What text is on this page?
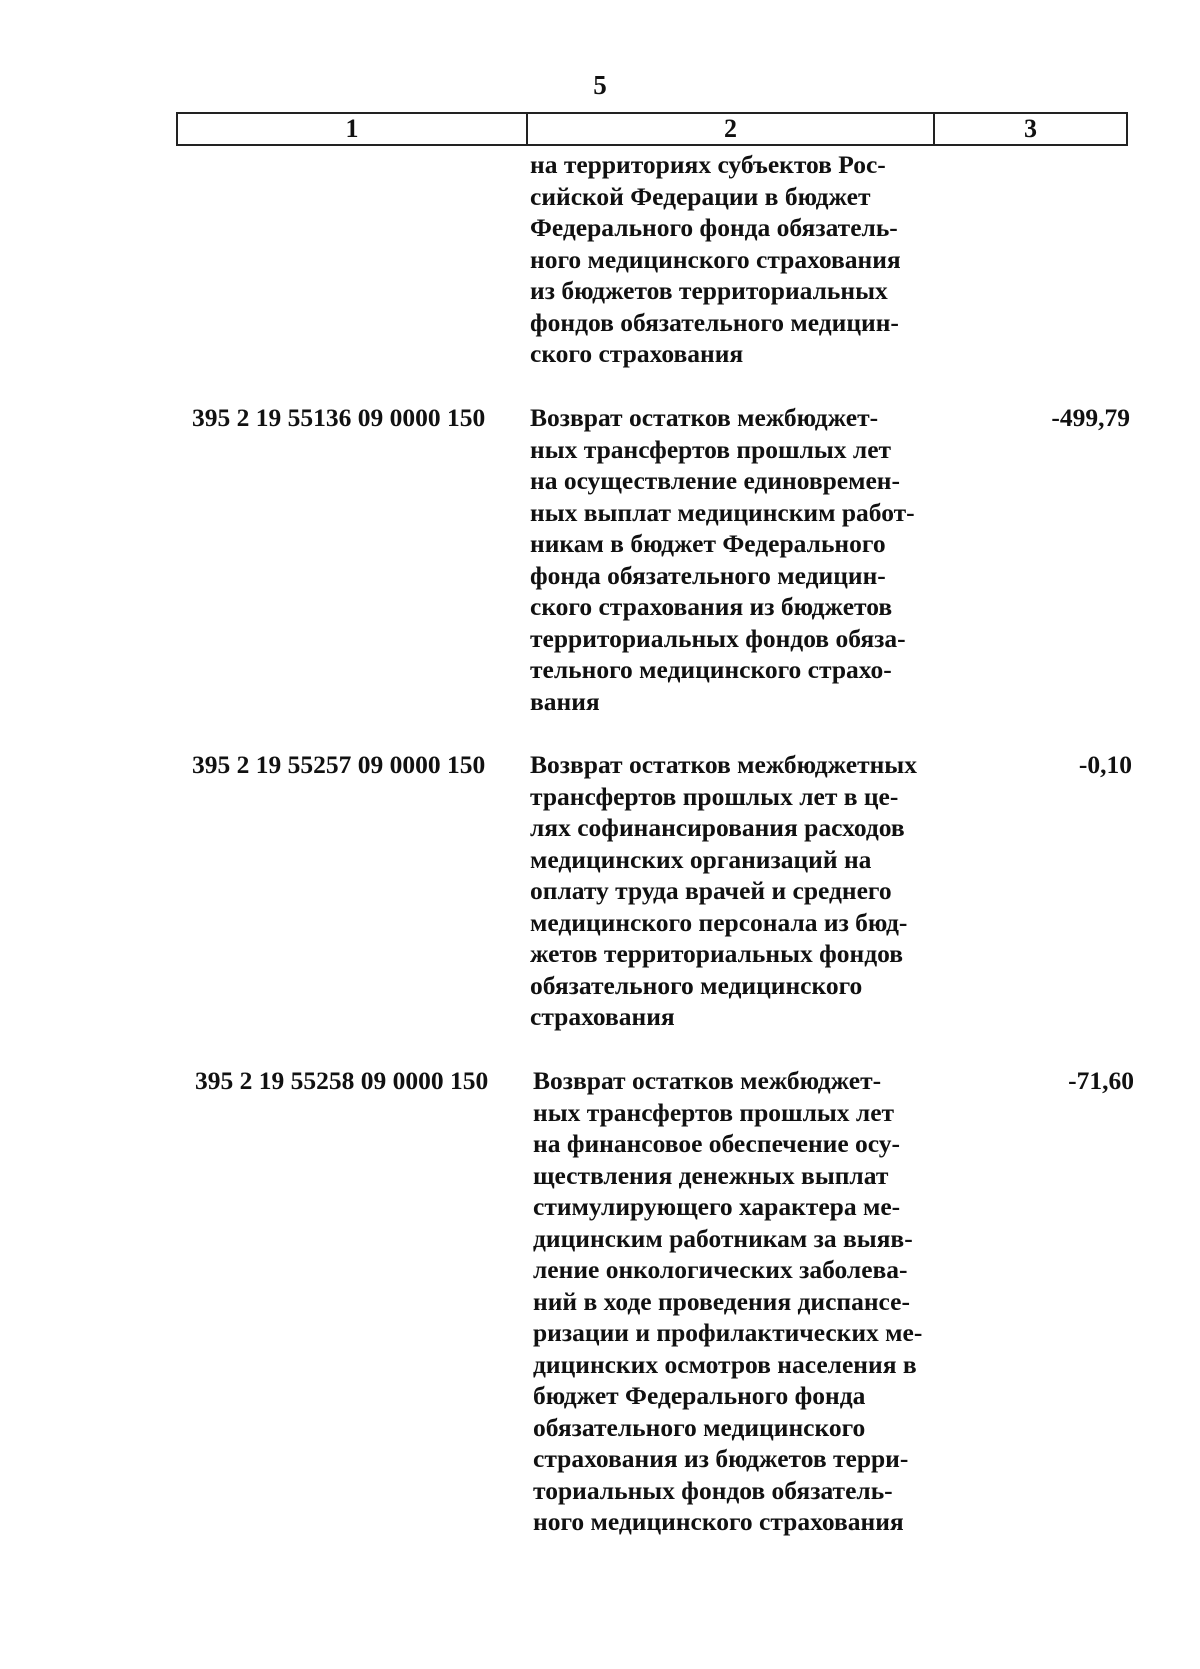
5
1	2	3
на территориях субъектов Рос-
сийской Федерации в бюджет
Федерального фонда обязатель-
ного медицинского страхования
из бюджетов территориальных
фондов обязательного медицин-
ского страхования
395 2 19 55136 09 0000 150 Возврат остатков межбюджет-
ных трансфертов прошлых лет
на осуществление единовремен-
ных выплат медицинским работ-
никам в бюджет Федерального
фонда обязательного медицин-
ского страхования из бюджетов
территориальных фондов обяза-
тельного медицинского страхо-
вания
-499,79
395 2 19 55257 09 0000 150 Возврат остатков межбюджетных
трансфертов прошлых лет в це-
лях софинансирования расходов
медицинских организаций на
оплату труда врачей и среднего
медицинского персонала из бюд-
жетов территориальных фондов
обязательного медицинского
страхования
-0,10
395 2 19 55258 09 0000 150 Возврат остатков межбюджет-
ных трансфертов прошлых лет
на финансовое обеспечение осу-
ществления денежных выплат
стимулирующего характера ме-
дицинским работникам за выяв-
ление онкологических заболева-
ний в ходе проведения диспансе-
ризации и профилактических ме-
дицинских осмотров населения в
бюджет Федерального фонда
обязательного медицинского
страхования из бюджетов терри-
ториальных фондов обязатель-
ного медицинского страхования
-71,60
